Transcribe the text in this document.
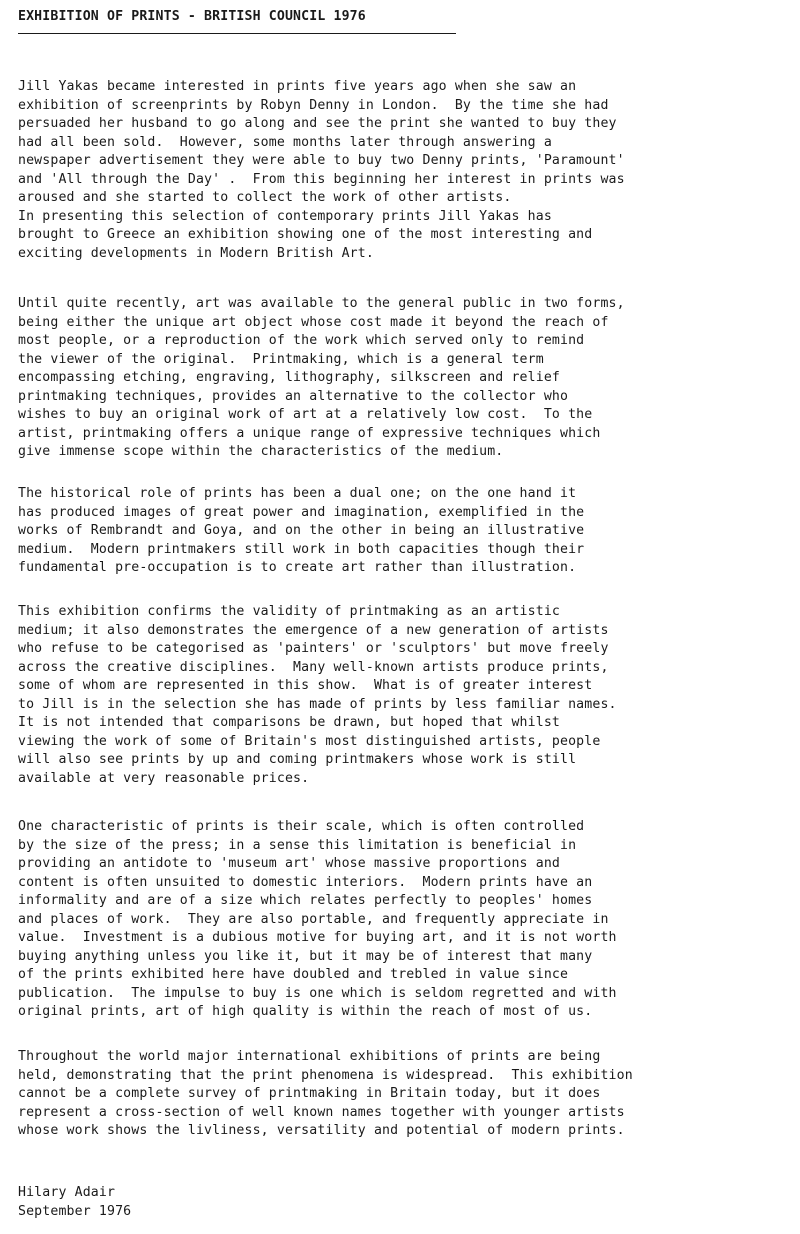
EXHIBITION OF PRINTS - BRITISH COUNCIL 1976
Jill Yakas became interested in prints five years ago when she saw an
exhibition of screenprints by Robyn Denny in London.  By the time she had
persuaded her husband to go along and see the print she wanted to buy they
had all been sold.  However, some months later through answering a
newspaper advertisement they were able to buy two Denny prints, 'Paramount'
and 'All through the Day' .  From this beginning her interest in prints was
aroused and she started to collect the work of other artists.
In presenting this selection of contemporary prints Jill Yakas has
brought to Greece an exhibition showing one of the most interesting and
exciting developments in Modern British Art.
Until quite recently, art was available to the general public in two forms,
being either the unique art object whose cost made it beyond the reach of
most people, or a reproduction of the work which served only to remind
the viewer of the original.  Printmaking, which is a general term
encompassing etching, engraving, lithography, silkscreen and relief
printmaking techniques, provides an alternative to the collector who
wishes to buy an original work of art at a relatively low cost.  To the
artist, printmaking offers a unique range of expressive techniques which
give immense scope within the characteristics of the medium.
The historical role of prints has been a dual one; on the one hand it
has produced images of great power and imagination, exemplified in the
works of Rembrandt and Goya, and on the other in being an illustrative
medium.  Modern printmakers still work in both capacities though their
fundamental pre-occupation is to create art rather than illustration.
This exhibition confirms the validity of printmaking as an artistic
medium; it also demonstrates the emergence of a new generation of artists
who refuse to be categorised as 'painters' or 'sculptors' but move freely
across the creative disciplines.  Many well-known artists produce prints,
some of whom are represented in this show.  What is of greater interest
to Jill is in the selection she has made of prints by less familiar names.
It is not intended that comparisons be drawn, but hoped that whilst
viewing the work of some of Britain's most distinguished artists, people
will also see prints by up and coming printmakers whose work is still
available at very reasonable prices.
One characteristic of prints is their scale, which is often controlled
by the size of the press; in a sense this limitation is beneficial in
providing an antidote to 'museum art' whose massive proportions and
content is often unsuited to domestic interiors.  Modern prints have an
informality and are of a size which relates perfectly to peoples' homes
and places of work.  They are also portable, and frequently appreciate in
value.  Investment is a dubious motive for buying art, and it is not worth
buying anything unless you like it, but it may be of interest that many
of the prints exhibited here have doubled and trebled in value since
publication.  The impulse to buy is one which is seldom regretted and with
original prints, art of high quality is within the reach of most of us.
Throughout the world major international exhibitions of prints are being
held, demonstrating that the print phenomena is widespread.  This exhibition
cannot be a complete survey of printmaking in Britain today, but it does
represent a cross-section of well known names together with younger artists
whose work shows the livliness, versatility and potential of modern prints.
Hilary Adair
September 1976
